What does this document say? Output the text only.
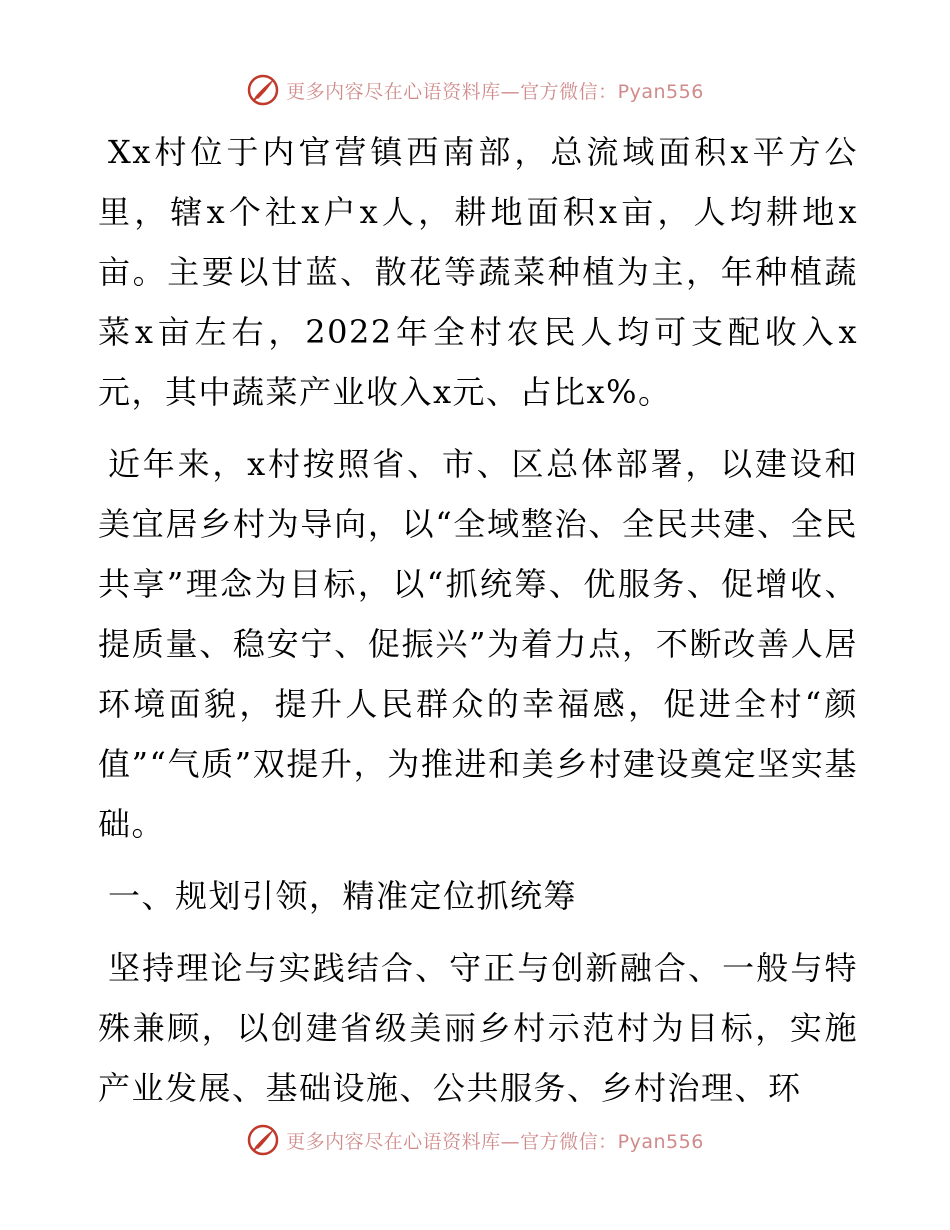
更多内容尽在心语资料库—官方微信：Pyan556

Xx村位于内官营镇西南部，总流域面积x平方公里，辖x个社x户x人，耕地面积x亩，人均耕地x亩。主要以甘蓝、散花等蔬菜种植为主，年种植蔬菜x亩左右，2022年全村农民人均可支配收入x元，其中蔬菜产业收入x元、占比x%。

近年来，x村按照省、市、区总体部署，以建设和美宜居乡村为导向，以“全域整治、全民共建、全民共享”理念为目标，以“抓统筹、优服务、促增收、提质量、稳安宁、促振兴”为着力点，不断改善人居环境面貌，提升人民群众的幸福感，促进全村“颜值”“气质”双提升，为推进和美乡村建设奠定坚实基础。

一、规划引领，精准定位抓统筹

坚持理论与实践结合、守正与创新融合、一般与特殊兼顾，以创建省级美丽乡村示范村为目标，实施产业发展、基础设施、公共服务、乡村治理、环

更多内容尽在心语资料库—官方微信：Pyan556
